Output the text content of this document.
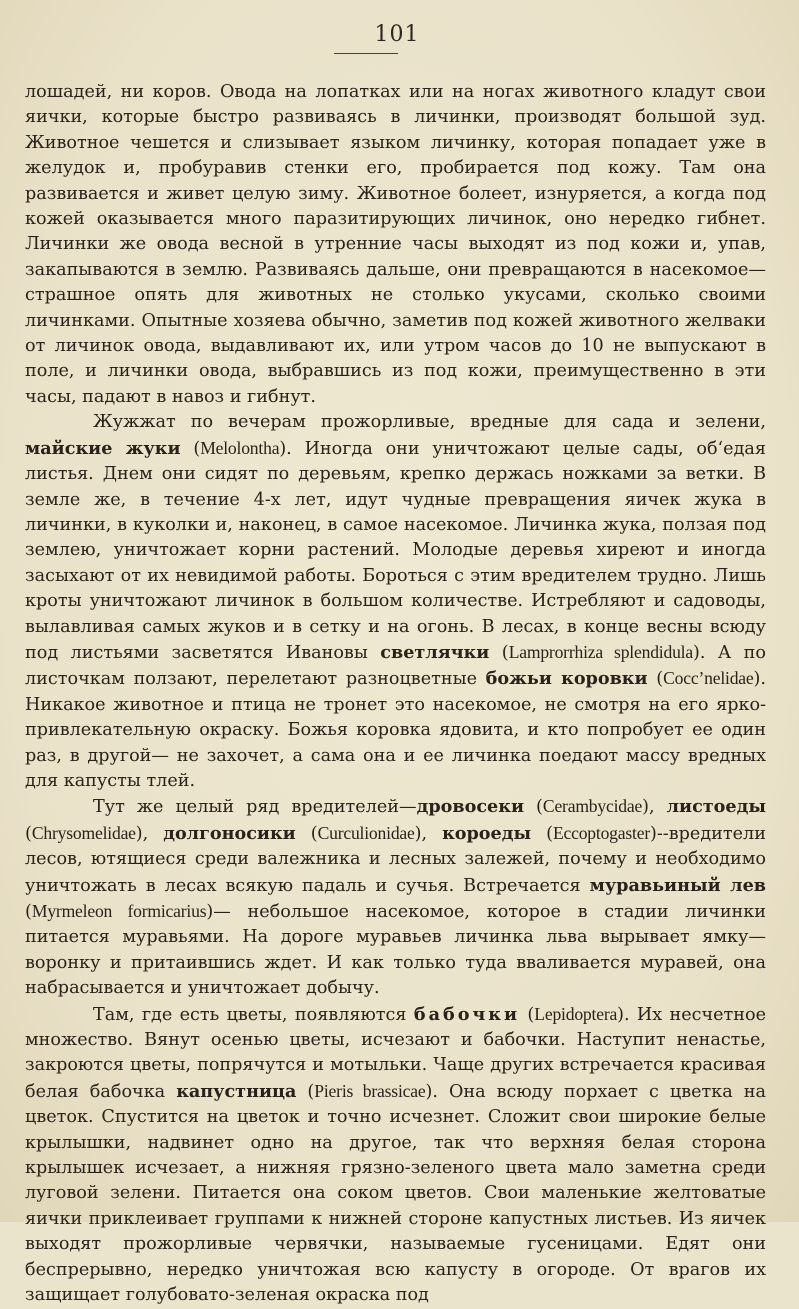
101

лошадей, ни коров. Овода на лопатках или на ногах животного кладут свои яички, которые быстро развиваясь в личинки, производят большой зуд. Животное чешется и слизывает языком личинку, которая попадает уже в желудок и, пробуравив стенки его, пробирается под кожу. Там она развивается и живет целую зиму. Животное болеет, изнуряется, а когда под кожей оказывается много паразитирующих личинок, оно нередко гибнет. Личинки же овода весной в утренние часы выходят из под кожи и, упав, закапываются в землю. Развиваясь дальше, они превращаются в насекомое—страшное опять для животных не столько укусами, сколько своими личинками. Опытные хозяева обычно, заметив под кожей животного желваки от личинок овода, выдавливают их, или утром часов до 10 не выпускают в поле, и личинки овода, выбравшись из под кожи, преимущественно в эти часы, падают в навоз и гибнут.

Жужжат по вечерам прожорливые, вредные для сада и зелени, майские жуки (Melolontha). Иногда они уничтожают целые сады, об‘едая листья. Днем они сидят по деревьям, крепко держась ножками за ветки. В земле же, в течение 4-х лет, идут чудные превращения яичек жука в личинки, в куколки и, наконец, в самое насекомое. Личинка жука, ползая под землею, уничтожает корни растений. Молодые деревья хиреют и иногда засыхают от их невидимой работы. Бороться с этим вредителем трудно. Лишь кроты уничтожают личинок в большом количестве. Истребляют и садоводы, вылавливая самых жуков и в сетку и на огонь. В лесах, в конце весны всюду под листьями засветятся Ивановы светлячки (Lamprorrhiza splendidula). А по листочкам ползают, перелетают разноцветные божьи коровки (Cocc’nelidae). Никакое животное и птица не тронет это насекомое, не смотря на его ярко-привлекательную окраску. Божья коровка ядовита, и кто попробует ее один раз, в другой— не захочет, а сама она и ее личинка поедают массу вредных для капусты тлей.

Тут же целый ряд вредителей—дровосеки (Cerambycidae), листоеды (Chrysomelidae), долгоносики (Curculionidae), короеды (Eccoptogaster)--вредители лесов, ютящиеся среди валежника и лесных залежей, почему и необходимо уничтожать в лесах всякую падаль и сучья. Встречается муравьиный лев (Myrmeleon formicarius)— небольшое насекомое, которое в стадии личинки питается муравьями. На дороге муравьев личинка льва вырывает ямку—воронку и притаившись ждет. И как только туда вваливается муравей, она набрасывается и уничтожает добычу.

Там, где есть цветы, появляются бабочки (Lepidoptera). Их несчетное множество. Вянут осенью цветы, исчезают и бабочки. Наступит ненастье, закроются цветы, попрячутся и мотыльки. Чаще других встречается красивая белая бабочка капустница (Pieris brassicae). Она всюду порхает с цветка на цветок. Спустится на цветок и точно исчезнет. Сложит свои широкие белые крылышки, надвинет одно на другое, так что верхняя белая сторона крылышек исчезает, а нижняя грязно-зеленого цвета мало заметна среди луговой зелени. Питается она соком цветов. Свои маленькие желтоватые яички приклеивает группами к нижней стороне капустных листьев. Из яичек выходят прожорливые червячки, называемые гусеницами. Едят они беспрерывно, нередко уничтожая всю капусту в огороде. От врагов их защищает голубовато-зеленая окраска под
